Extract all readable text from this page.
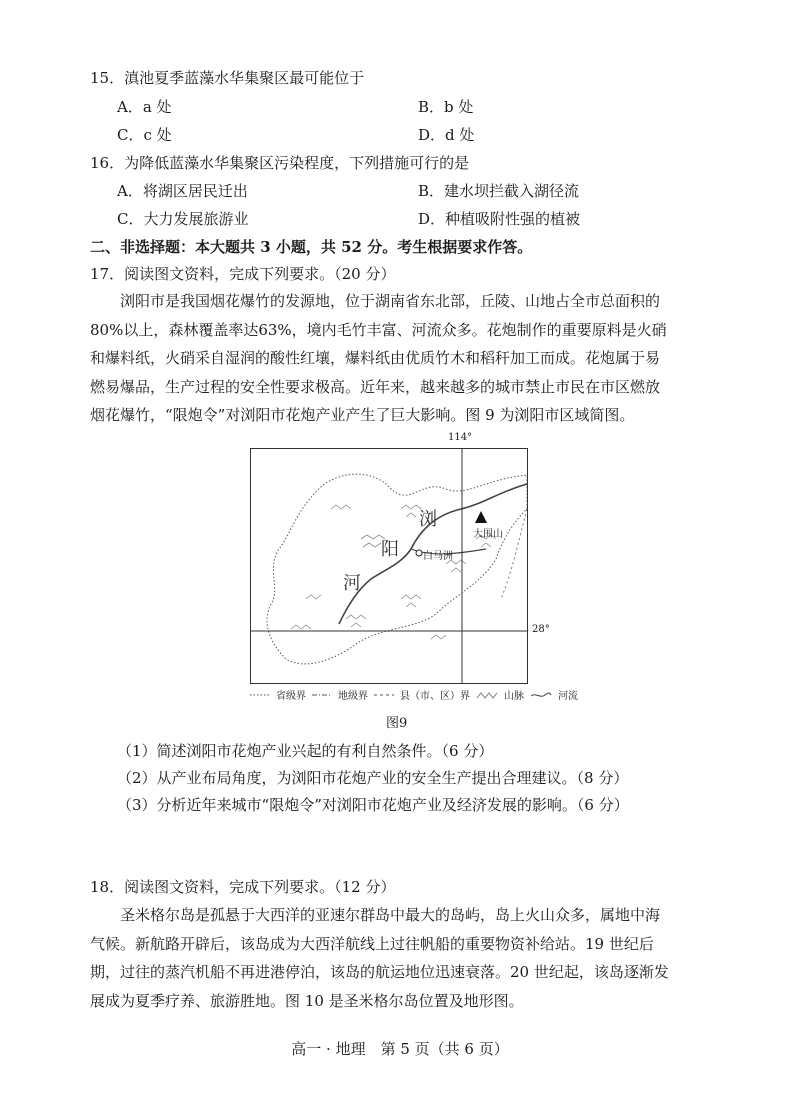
15．滇池夏季蓝藻水华集聚区最可能位于
A．a 处	B．b 处
C．c 处	D．d 处
16．为降低蓝藻水华集聚区污染程度，下列措施可行的是
A．将湖区居民迁出	B．建水坝拦截入湖径流
C．大力发展旅游业	D．种植吸附性强的植被
二、非选择题：本大题共 3 小题，共 52 分。考生根据要求作答。
17．阅读图文资料，完成下列要求。（20 分）
浏阳市是我国烟花爆竹的发源地，位于湖南省东北部，丘陵、山地占全市总面积的
80%以上，森林覆盖率达63%，境内毛竹丰富、河流众多。花炮制作的重要原料是火硝
和爆料纸，火硝采自湿润的酸性红壤，爆料纸由优质竹木和稻秆加工而成。花炮属于易
燃易爆品，生产过程的安全性要求极高。近年来，越来越多的城市禁止市民在市区燃放
烟花爆竹，“限炮令”对浏阳市花炮产业产生了巨大影响。图 9 为浏阳市区域简图。
114°
大围山
白马洲
浏
阳
河
28°
省级界	地级界	县（市、区）界	山脉	河流
图9
（1）简述浏阳市花炮产业兴起的有利自然条件。（6 分）
（2）从产业布局角度，为浏阳市花炮产业的安全生产提出合理建议。（8 分）
（3）分析近年来城市“限炮令”对浏阳市花炮产业及经济发展的影响。（6 分）
18．阅读图文资料，完成下列要求。（12 分）
圣米格尔岛是孤悬于大西洋的亚速尔群岛中最大的岛屿，岛上火山众多，属地中海
气候。新航路开辟后，该岛成为大西洋航线上过往帆船的重要物资补给站。19 世纪后
期，过往的蒸汽机船不再进港停泊，该岛的航运地位迅速衰落。20 世纪起，该岛逐渐发
展成为夏季疗养、旅游胜地。图 10 是圣米格尔岛位置及地形图。
高一 · 地理　第 5 页（共 6 页）
